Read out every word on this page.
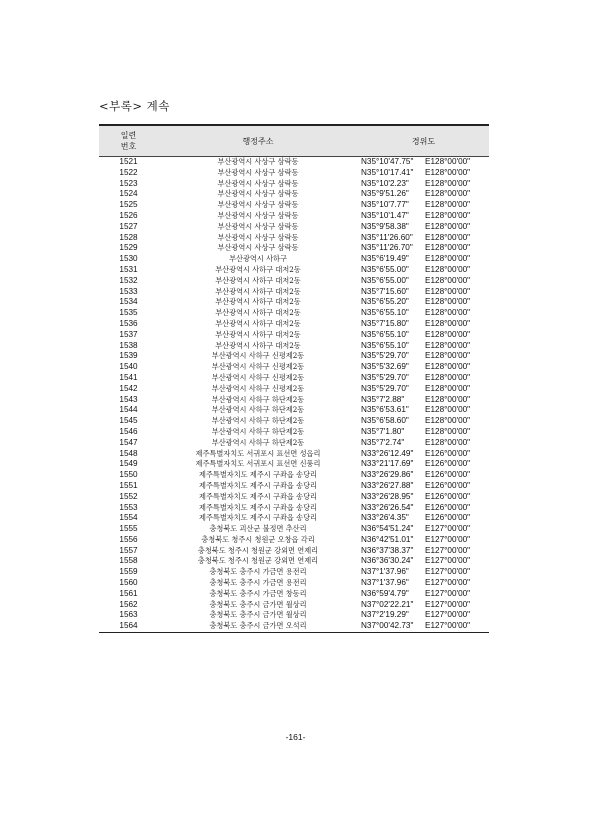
<부록> 계속
일련
번호	행정주소	경위도
1521	부산광역시 사상구 삼락동	N35°10'47.75" E128°00'00"
1522	부산광역시 사상구 삼락동	N35°10'17.41" E128°00'00"
1523	부산광역시 사상구 삼락동	N35°10'2.23" E128°00'00"
1524	부산광역시 사상구 삼락동	N35°9'51.26" E128°00'00"
1525	부산광역시 사상구 삼락동	N35°10'7.77" E128°00'00"
1526	부산광역시 사상구 삼락동	N35°10'1.47" E128°00'00"
1527	부산광역시 사상구 삼락동	N35°9'58.38" E128°00'00"
1528	부산광역시 사상구 삼락동	N35°11'26.60" E128°00'00"
1529	부산광역시 사상구 삼락동	N35°11'26.70" E128°00'00"
1530	부산광역시 사하구	N35°6'19.49" E128°00'00"
1531	부산광역시 사하구 대저2동	N35°6'55.00" E128°00'00"
1532	부산광역시 사하구 대저2동	N35°6'55.00" E128°00'00"
1533	부산광역시 사하구 대저2동	N35°7'15.60" E128°00'00"
1534	부산광역시 사하구 대저2동	N35°6'55.20" E128°00'00"
1535	부산광역시 사하구 대저2동	N35°6'55.10" E128°00'00"
1536	부산광역시 사하구 대저2동	N35°7'15.80" E128°00'00"
1537	부산광역시 사하구 대저2동	N35°6'55.10" E128°00'00"
1538	부산광역시 사하구 대저2동	N35°6'55.10" E128°00'00"
1539	부산광역시 사하구 신평제2동	N35°5'29.70" E128°00'00"
1540	부산광역시 사하구 신평제2동	N35°5'32.69" E128°00'00"
1541	부산광역시 사하구 신평제2동	N35°5'29.70" E128°00'00"
1542	부산광역시 사하구 신평제2동	N35°5'29.70" E128°00'00"
1543	부산광역시 사하구 하단제2동	N35°7'2.88" E128°00'00"
1544	부산광역시 사하구 하단제2동	N35°6'53.61" E128°00'00"
1545	부산광역시 사하구 하단제2동	N35°6'58.60" E128°00'00"
1546	부산광역시 사하구 하단제2동	N35°7'1.80" E128°00'00"
1547	부산광역시 사하구 하단제2동	N35°7'2.74" E128°00'00"
1548	제주특별자치도 서귀포시 표선면 성읍리	N33°26'12.49" E126°00'00"
1549	제주특별자치도 서귀포시 표선면 신풍리	N33°21'17.69" E126°00'00"
1550	제주특별자치도 제주시 구좌읍 송당리	N33°26'29.86" E126°00'00"
1551	제주특별자치도 제주시 구좌읍 송당리	N33°26'27.88" E126°00'00"
1552	제주특별자치도 제주시 구좌읍 송당리	N33°26'28.95" E126°00'00"
1553	제주특별자치도 제주시 구좌읍 송당리	N33°26'26.54" E126°00'00"
1554	제주특별자치도 제주시 구좌읍 송당리	N33°26'4.35" E126°00'00"
1555	충청북도 괴산군 불정면 추산리	N36°54'51.24" E127°00'00"
1556	충청북도 청주시 청원군 오창읍 각리	N36°42'51.01" E127°00'00"
1557	충청북도 청주시 청원군 강외면 연제리	N36°37'38.37" E127°00'00"
1558	충청북도 청주시 청원군 강외면 연제리	N36°36'30.24" E127°00'00"
1559	충청북도 충주시 가금면 용전리	N37°1'37.96" E127°00'00"
1560	충청북도 충주시 가금면 용전리	N37°1'37.96" E127°00'00"
1561	충청북도 충주시 가금면 창동리	N36°59'4.79" E127°00'00"
1562	충청북도 충주시 금가면 월상리	N37°02'22.21" E127°00'00"
1563	충청북도 충주시 금가면 월상리	N37°2'19.29" E127°00'00"
1564	충청북도 충주시 금가면 오석리	N37°00'42.73" E127°00'00"
-161-
